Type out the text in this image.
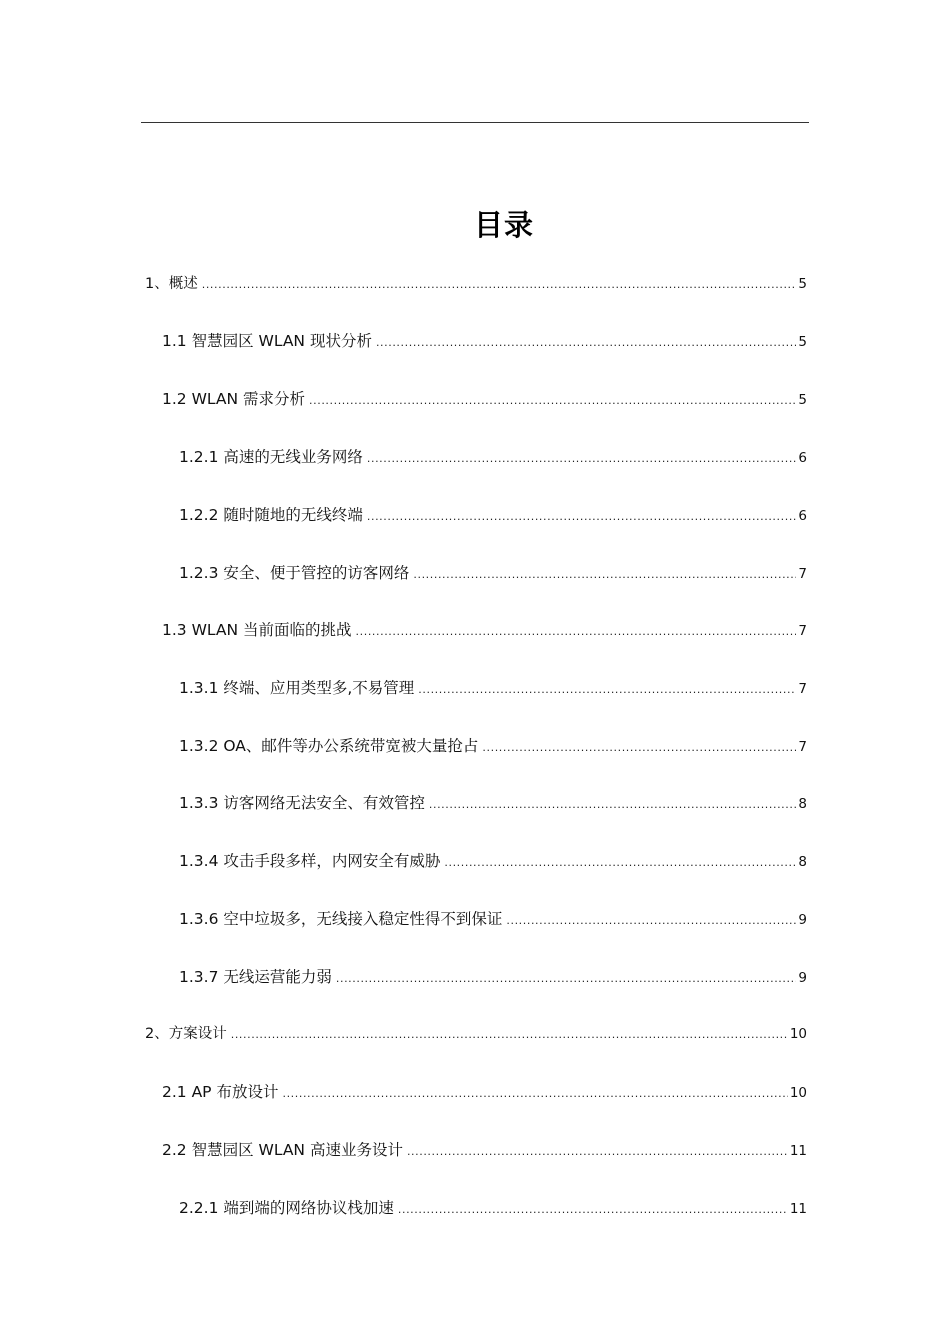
目录
1、概述 .....	5
1.1 智慧园区 WLAN 现状分析 .....	5
1.2 WLAN 需求分析 .....	5
1.2.1 高速的无线业务网络 .....	6
1.2.2 随时随地的无线终端 .....	6
1.2.3 安全、便于管控的访客网络 .....	7
1.3 WLAN 当前面临的挑战 .....	7
1.3.1 终端、应用类型多,不易管理 .....	7
1.3.2 OA、邮件等办公系统带宽被大量抢占 .....	7
1.3.3 访客网络无法安全、有效管控 .....	8
1.3.4 攻击手段多样，内网安全有威胁 .....	8
1.3.6 空中垃圾多，无线接入稳定性得不到保证 .....	9
1.3.7 无线运营能力弱 .....	9
2、方案设计 .....	10
2.1 AP 布放设计 .....	10
2.2 智慧园区 WLAN 高速业务设计 .....	11
2.2.1 端到端的网络协议栈加速 .....	11
